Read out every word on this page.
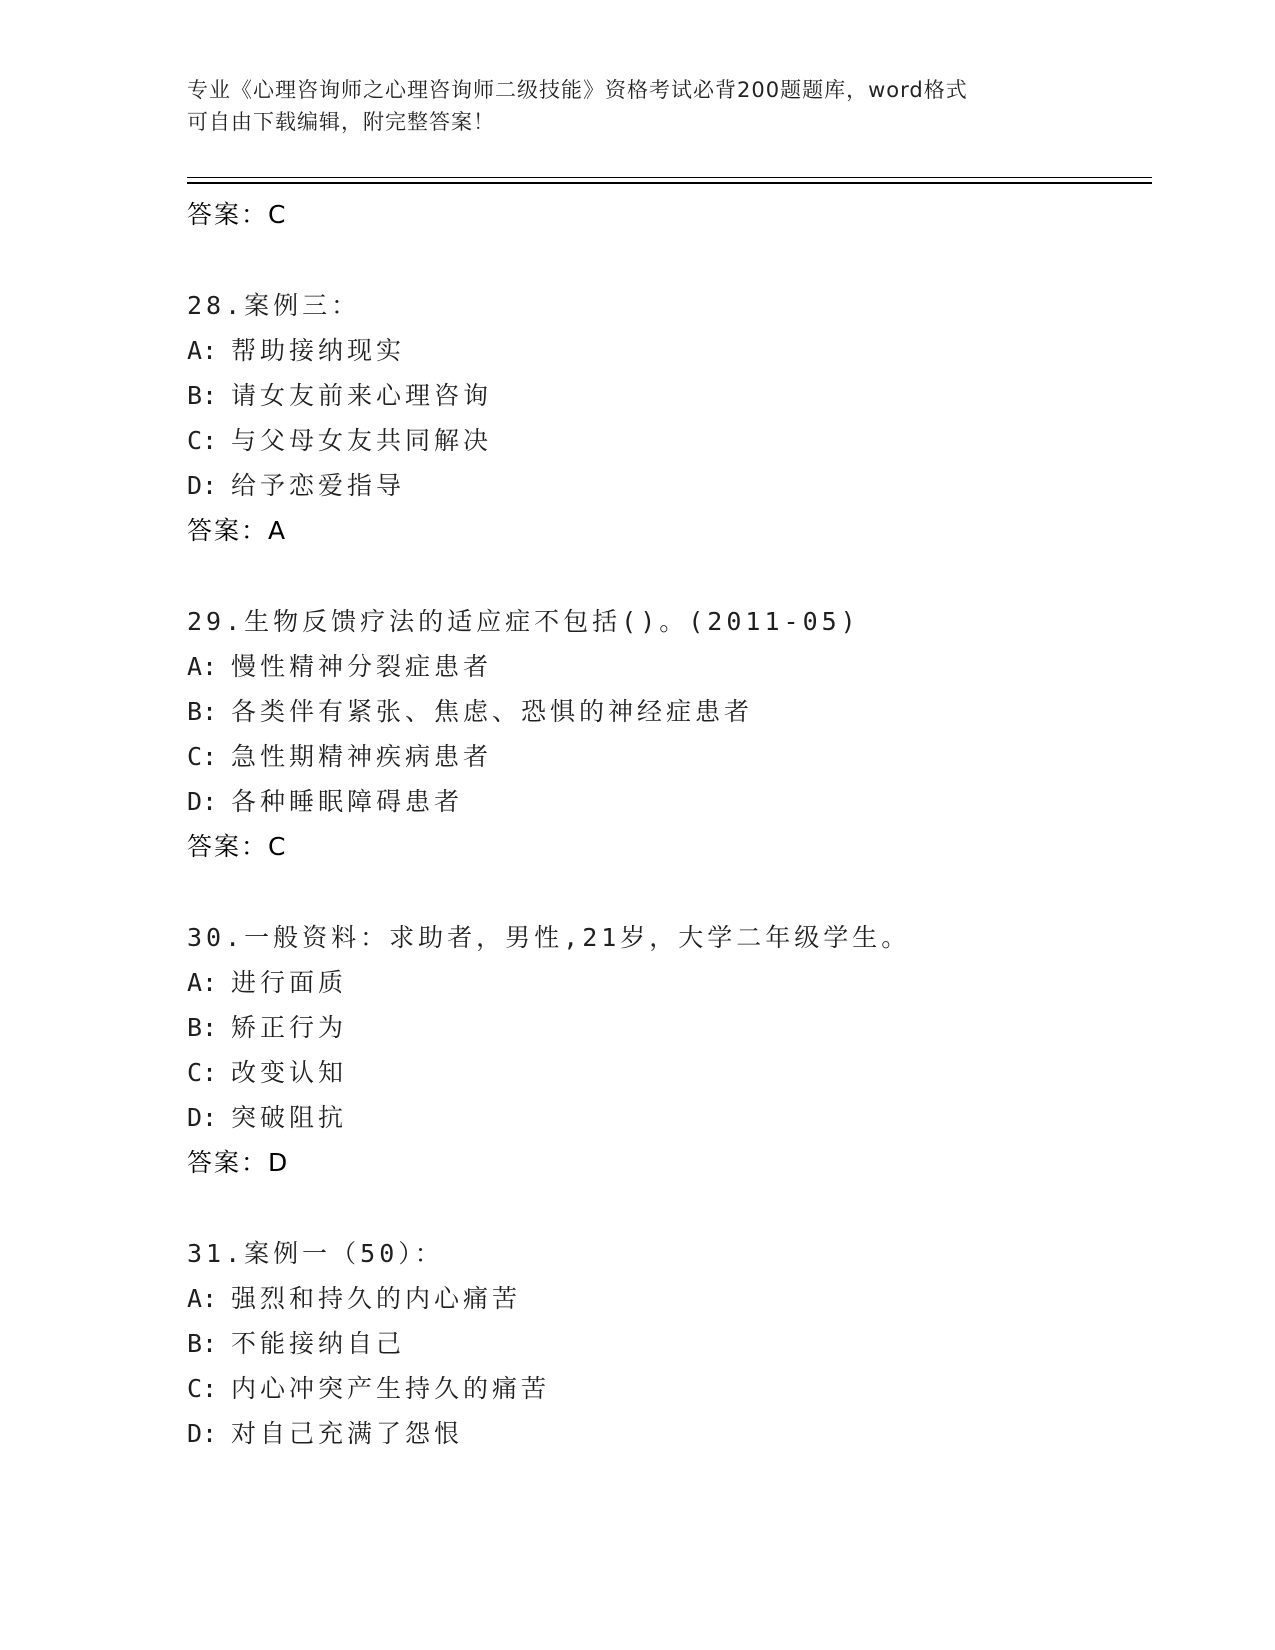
专业《心理咨询师之心理咨询师二级技能》资格考试必背200题题库，word格式
可自由下载编辑，附完整答案！
答案：C
28.案例三：
A: 帮助接纳现实
B: 请女友前来心理咨询
C: 与父母女友共同解决
D: 给予恋爱指导
答案：A
29.生物反馈疗法的适应症不包括()。(2011-05)
A: 慢性精神分裂症患者
B: 各类伴有紧张、焦虑、恐惧的神经症患者
C: 急性期精神疾病患者
D: 各种睡眠障碍患者
答案：C
30.一般资料：求助者，男性,21岁，大学二年级学生。
A: 进行面质
B: 矫正行为
C: 改变认知
D: 突破阻抗
答案：D
31.案例一（50）：
A: 强烈和持久的内心痛苦
B: 不能接纳自己
C: 内心冲突产生持久的痛苦
D: 对自己充满了怨恨
